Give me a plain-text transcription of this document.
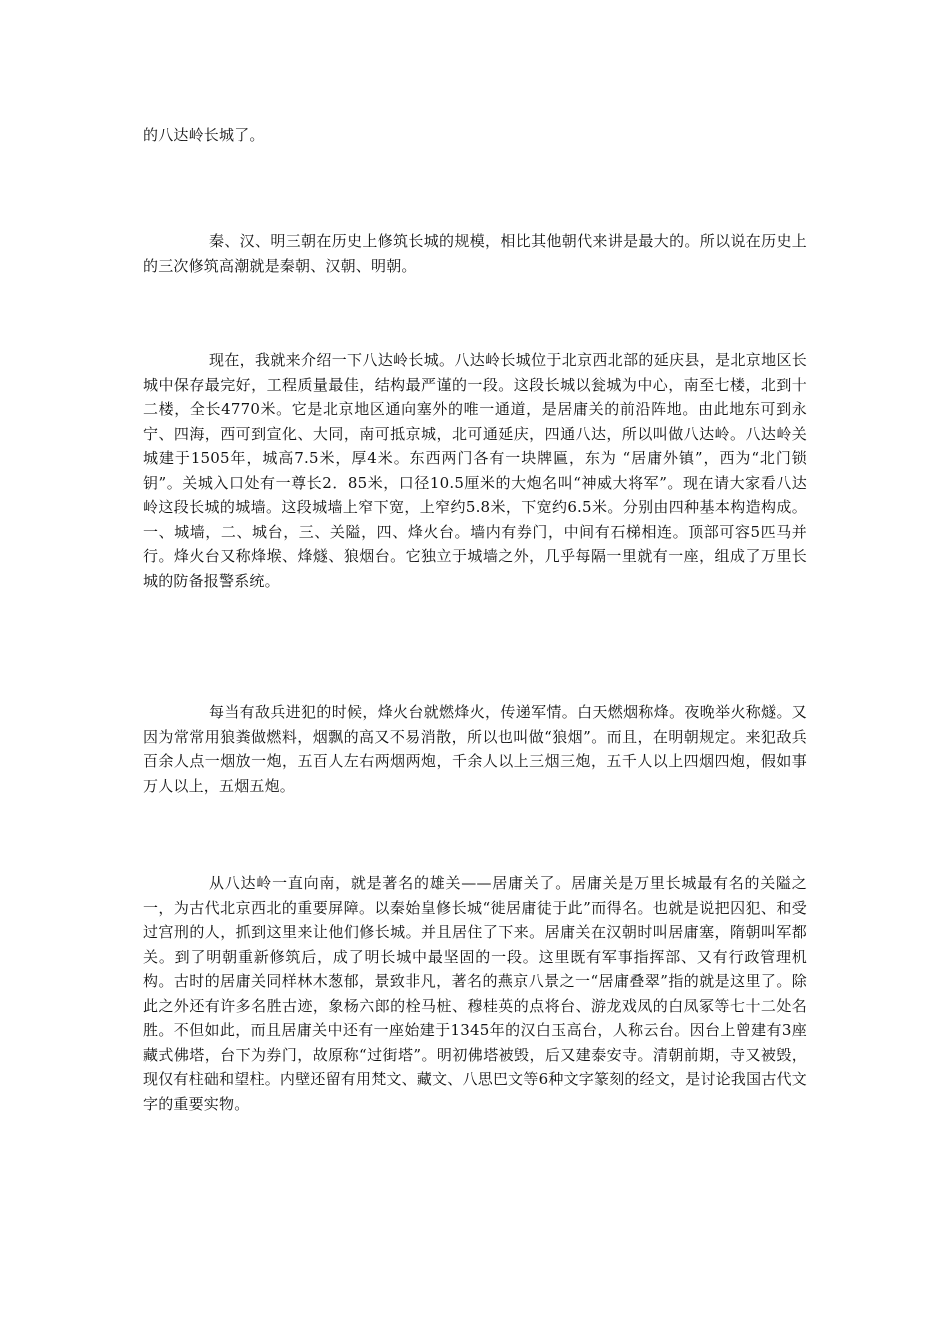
的八达岭长城了。

秦、汉、明三朝在历史上修筑长城的规模，相比其他朝代来讲是最大的。所以说在历史上的三次修筑高潮就是秦朝、汉朝、明朝。

现在，我就来介绍一下八达岭长城。八达岭长城位于北京西北部的延庆县，是北京地区长城中保存最完好，工程质量最佳，结构最严谨的一段。这段长城以瓮城为中心，南至七楼，北到十二楼，全长4770米。它是北京地区通向塞外的唯一通道，是居庸关的前沿阵地。由此地东可到永宁、四海，西可到宣化、大同，南可抵京城，北可通延庆，四通八达，所以叫做八达岭。八达岭关城建于1505年，城高7.5米，厚4米。东西两门各有一块牌匾，东为 “居庸外镇”，西为“北门锁钥”。关城入口处有一尊长2．85米，口径10.5厘米的大炮名叫“神威大将军”。现在请大家看八达岭这段长城的城墙。这段城墙上窄下宽，上窄约5.8米，下宽约6.5米。分别由四种基本构造构成。一、城墙，二、城台，三、关隘，四、烽火台。墙内有券门，中间有石梯相连。顶部可容5匹马并行。烽火台又称烽堠、烽燧、狼烟台。它独立于城墙之外，几乎每隔一里就有一座，组成了万里长城的防备报警系统。

每当有敌兵进犯的时候，烽火台就燃烽火，传递军情。白天燃烟称烽。夜晚举火称燧。又因为常常用狼粪做燃料，烟飘的高又不易消散，所以也叫做“狼烟”。而且，在明朝规定。来犯敌兵百余人点一烟放一炮，五百人左右两烟两炮，千余人以上三烟三炮，五千人以上四烟四炮，假如事万人以上，五烟五炮。

从八达岭一直向南，就是著名的雄关——居庸关了。居庸关是万里长城最有名的关隘之一，为古代北京西北的重要屏障。以秦始皇修长城“徙居庸徒于此”而得名。也就是说把囚犯、和受过宫刑的人，抓到这里来让他们修长城。并且居住了下来。居庸关在汉朝时叫居庸塞，隋朝叫军都关。到了明朝重新修筑后，成了明长城中最坚固的一段。这里既有军事指挥部、又有行政管理机构。古时的居庸关同样林木葱郁，景致非凡，著名的燕京八景之一“居庸叠翠”指的就是这里了。除此之外还有许多名胜古迹，象杨六郎的栓马桩、穆桂英的点将台、游龙戏凤的白凤冢等七十二处名胜。不但如此，而且居庸关中还有一座始建于1345年的汉白玉高台，人称云台。因台上曾建有3座藏式佛塔，台下为券门，故原称“过街塔”。明初佛塔被毁，后又建泰安寺。清朝前期，寺又被毁，现仅有柱础和望柱。内壁还留有用梵文、藏文、八思巴文等6种文字篆刻的经文，是讨论我国古代文字的重要实物。
